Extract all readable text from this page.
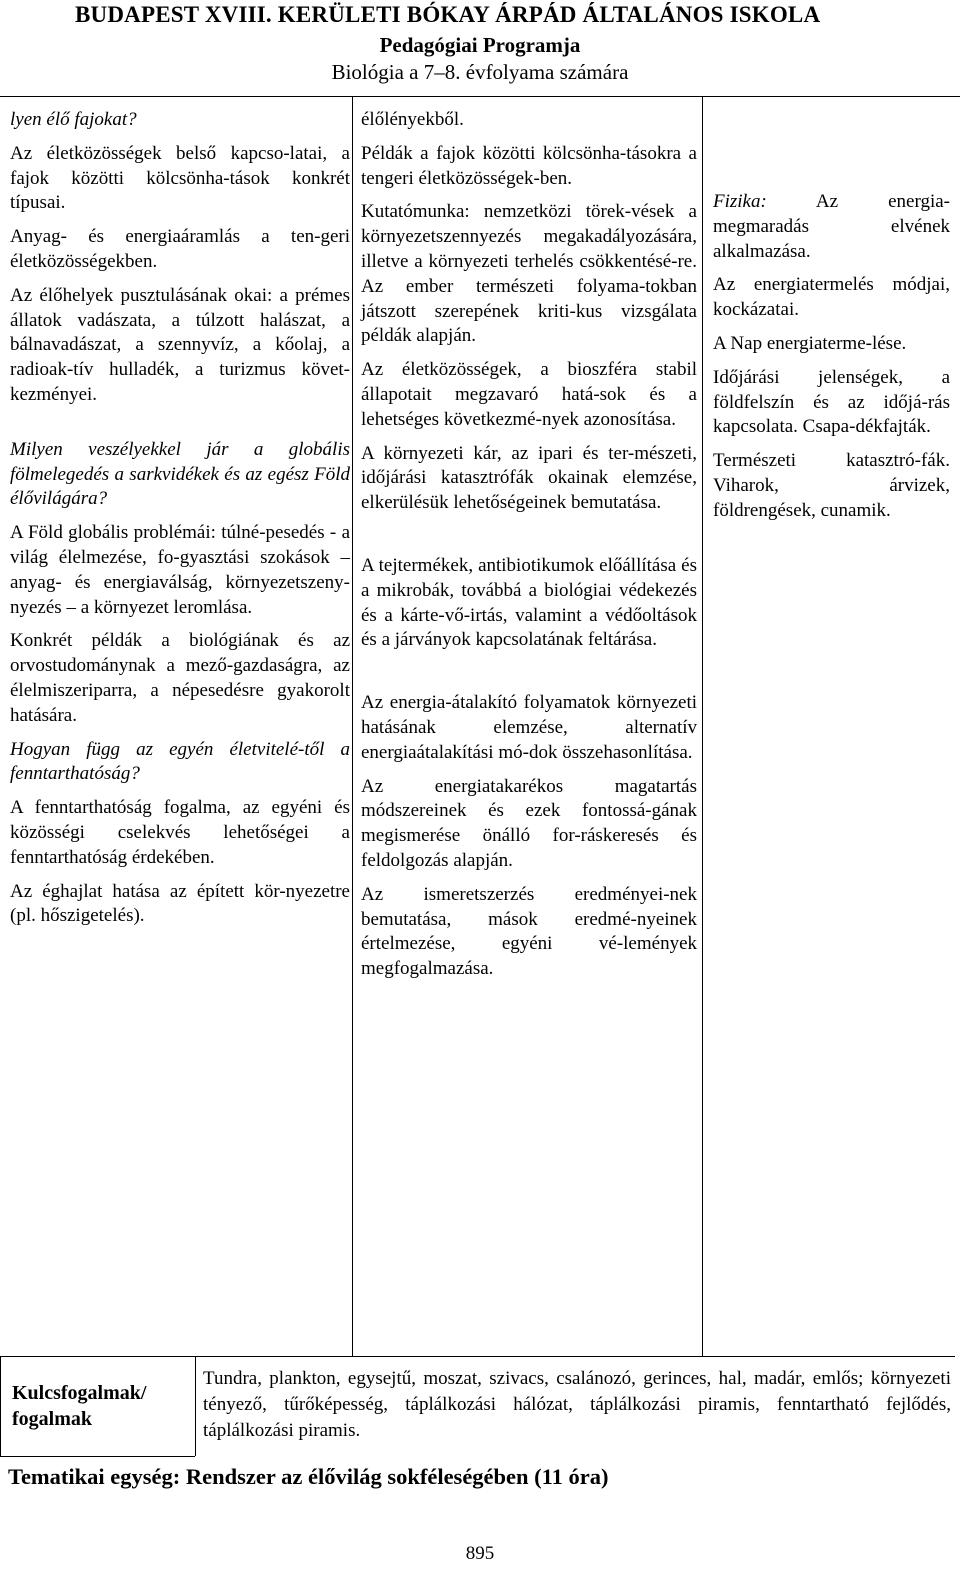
BUDAPEST XVIII. KERÜLETI BÓKAY ÁRPÁD ÁLTALÁNOS ISKOLA
Pedagógiai Programja
Biológia a 7–8. évfolyama számára

lyen élő fajokat?

Az életközösségek belső kapcso-latai, a fajok közötti kölcsönha-tások konkrét típusai.

Anyag- és energiaáramlás a ten-geri életközösségekben.

Az élőhelyek pusztulásának okai: a prémes állatok vadászata, a túlzott halászat, a bálnavadászat, a szennyvíz, a kőolaj, a radioak-tív hulladék, a turizmus követ-kezményei.

Milyen veszélyekkel jár a globális fölmelegedés a sarkvidékek és az egész Föld élővilágára?

A Föld globális problémái: túlné-pesedés - a világ élelmezése, fo-gyasztási szokások – anyag- és energiaválság, környezetszeny-nyezés – a környezet leromlása.

Konkrét példák a biológiának és az orvostudománynak a mező-gazdaságra, az élelmiszeriparra, a népesedésre gyakorolt hatására.

Hogyan függ az egyén életvitelé-től a fenntarthatóság?

A fenntarthatóság fogalma, az egyéni és közösségi cselekvés lehetőségei a fenntarthatóság érdekében.

Az éghajlat hatása az épített kör-nyezetre (pl. hőszigetelés).

élőlényekből.

Példák a fajok közötti kölcsönha-tásokra a tengeri életközösségek-ben.

Kutatómunka: nemzetközi törek-vések a környezetszennyezés megakadályozására, illetve a környezeti terhelés csökkentésé-re. Az ember természeti folyama-tokban játszott szerepének kriti-kus vizsgálata példák alapján.

Az életközösségek, a bioszféra stabil állapotait megzavaró hatá-sok és a lehetséges következmé-nyek azonosítása.

A környezeti kár, az ipari és ter-mészeti, időjárási katasztrófák okainak elemzése, elkerülésük lehetőségeinek bemutatása.

A tejtermékek, antibiotikumok előállítása és a mikrobák, továbbá a biológiai védekezés és a kárte-vő-irtás, valamint a védőoltások és a járványok kapcsolatának feltárása.

Az energia-átalakító folyamatok környezeti hatásának elemzése, alternatív energiaátalakítási mó-dok összehasonlítása.

Az energiatakarékos magatartás módszereinek és ezek fontossá-gának megismerése önálló for-ráskeresés és feldolgozás alapján.

Az ismeretszerzés eredményei-nek bemutatása, mások eredmé-nyeinek értelmezése, egyéni vé-lemények megfogalmazása.

Fizika: Az energia-megmaradás elvének alkalmazása.

Az energiatermelés módjai, kockázatai.

A Nap energiaterme-lése.

Időjárási jelenségek, a földfelszín és az időjá-rás kapcsolata. Csapa-dékfajták.

Természeti katasztró-fák. Viharok, árvizek, földrengések, cunamik.

Kulcsfogalmak/ fogalmak
Tundra, plankton, egysejtű, moszat, szivacs, csalánozó, gerinces, hal, madár, emlős; környezeti tényező, tűrőképesség, táplálkozási hálózat, táplálkozási piramis, fenntartható fejlődés, táplálkozási piramis.
Tematikai egység: Rendszer az élővilág sokféleségében (11 óra)
895
